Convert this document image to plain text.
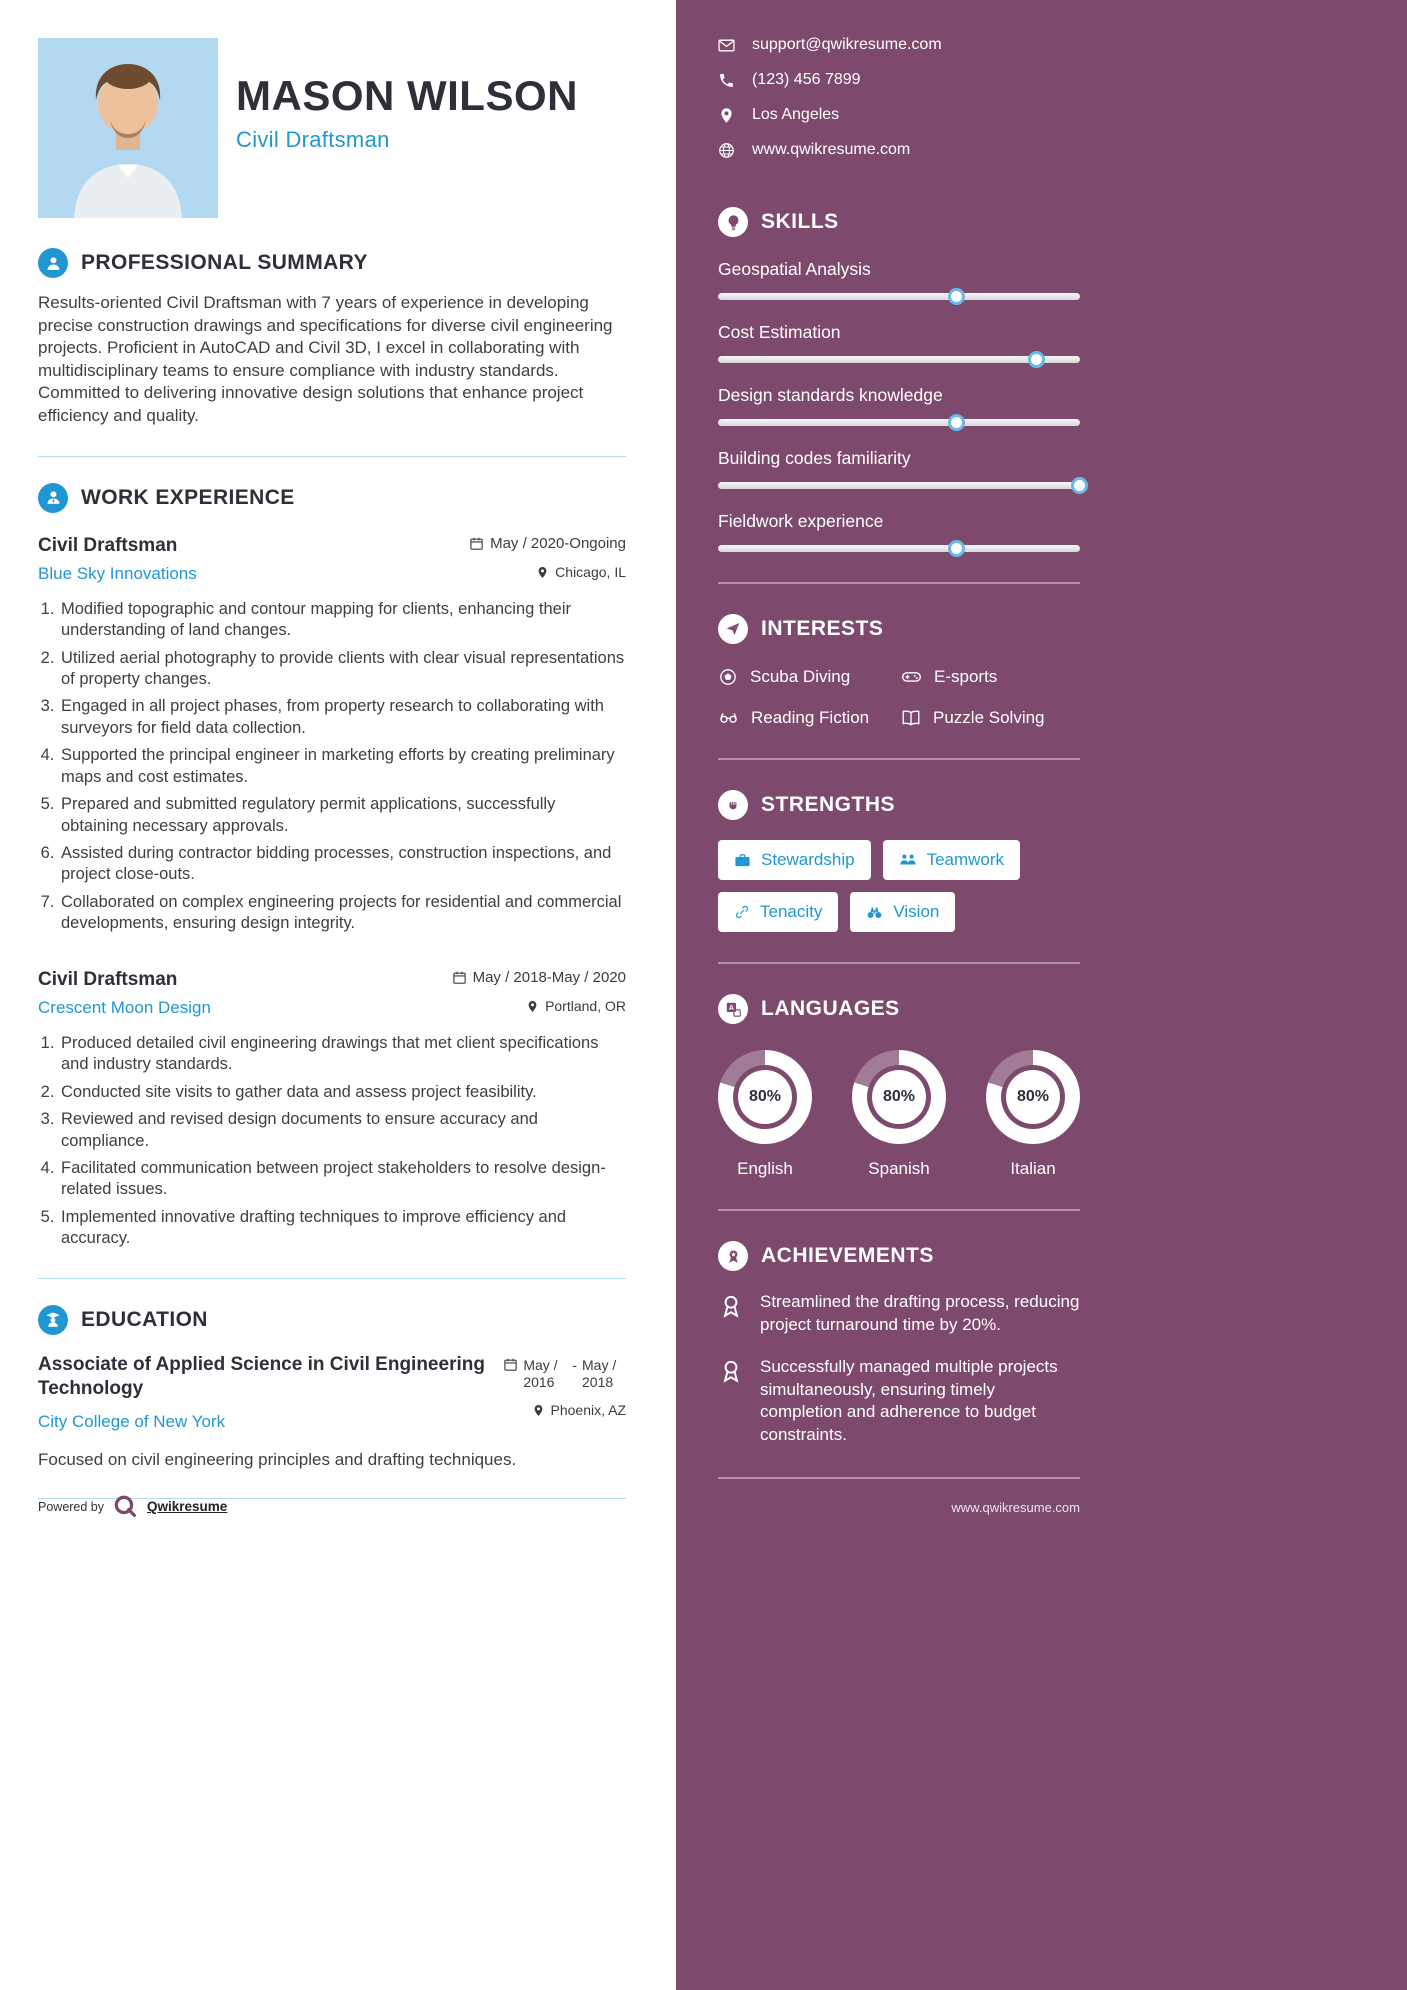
MASON WILSON
Civil Draftsman
PROFESSIONAL SUMMARY

Results-oriented Civil Draftsman with 7 years of experience in developing precise construction drawings and specifications for diverse civil engineering projects. Proficient in AutoCAD and Civil 3D, I excel in collaborating with multidisciplinary teams to ensure compliance with industry standards. Committed to delivering innovative design solutions that enhance project efficiency and quality.

WORK EXPERIENCE
Civil Draftsman	May / 2020-Ongoing
Blue Sky Innovations	Chicago, IL
1. Modified topographic and contour mapping for clients, enhancing their understanding of land changes.
2. Utilized aerial photography to provide clients with clear visual representations of property changes.
3. Engaged in all project phases, from property research to collaborating with surveyors for field data collection.
4. Supported the principal engineer in marketing efforts by creating preliminary maps and cost estimates.
5. Prepared and submitted regulatory permit applications, successfully obtaining necessary approvals.
6. Assisted during contractor bidding processes, construction inspections, and project close-outs.
7. Collaborated on complex engineering projects for residential and commercial developments, ensuring design integrity.
Civil Draftsman	May / 2018-May / 2020
Crescent Moon Design	Portland, OR
1. Produced detailed civil engineering drawings that met client specifications and industry standards.
2. Conducted site visits to gather data and assess project feasibility.
3. Reviewed and revised design documents to ensure accuracy and compliance.
4. Facilitated communication between project stakeholders to resolve design-related issues.
5. Implemented innovative drafting techniques to improve efficiency and accuracy.
EDUCATION
Associate of Applied Science in Civil Engineering Technology
City College of New York
May / 2016
- May / 2018
Phoenix, AZ

Focused on civil engineering principles and drafting techniques.

Powered by	Qwikresume
support@qwikresume.com
(123) 456 7899
Los Angeles
www.qwikresume.com
SKILLS
Geospatial Analysis
Cost Estimation
Design standards knowledge
Building codes familiarity
Fieldwork experience
INTERESTS
Scuba Diving	E-sports
Reading Fiction	Puzzle Solving
STRENGTHS
Stewardship	Teamwork
Tenacity	Vision
A LANGUAGES
80%
English
80%
Spanish
80%
Italian
ACHIEVEMENTS

Streamlined the drafting process, reducing project turnaround time by 20%.

Successfully managed multiple projects simultaneously, ensuring timely completion and adherence to budget constraints.

www.qwikresume.com
